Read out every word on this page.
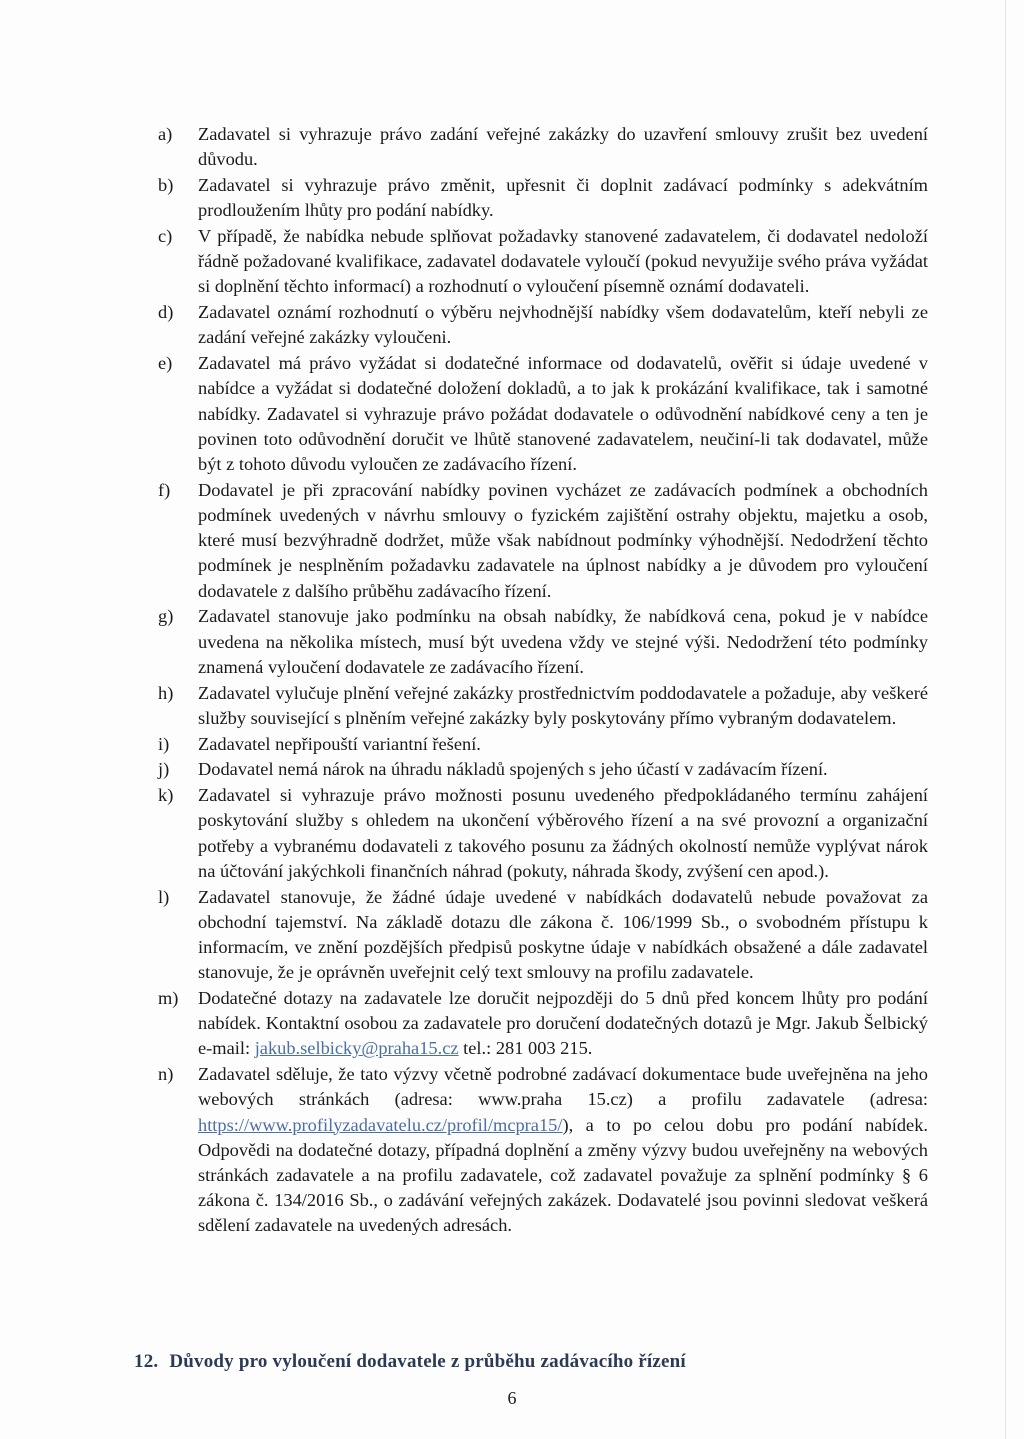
a) Zadavatel si vyhrazuje právo zadání veřejné zakázky do uzavření smlouvy zrušit bez uvedení důvodu.
b) Zadavatel si vyhrazuje právo změnit, upřesnit či doplnit zadávací podmínky s adekvátním prodloužením lhůty pro podání nabídky.
c) V případě, že nabídka nebude splňovat požadavky stanovené zadavatelem, či dodavatel nedoloží řádně požadované kvalifikace, zadavatel dodavatele vyloučí (pokud nevyužije svého práva vyžádat si doplnění těchto informací) a rozhodnutí o vyloučení písemně oznámí dodavateli.
d) Zadavatel oznámí rozhodnutí o výběru nejvhodnější nabídky všem dodavatelům, kteří nebyli ze zadání veřejné zakázky vyloučeni.
e) Zadavatel má právo vyžádat si dodatečné informace od dodavatelů, ověřit si údaje uvedené v nabídce a vyžádat si dodatečné doložení dokladů, a to jak k prokázání kvalifikace, tak i samotné nabídky. Zadavatel si vyhrazuje právo požádat dodavatele o odůvodnění nabídkové ceny a ten je povinen toto odůvodnění doručit ve lhůtě stanovené zadavatelem, neučiní-li tak dodavatel, může být z tohoto důvodu vyloučen ze zadávacího řízení.
f) Dodavatel je při zpracování nabídky povinen vycházet ze zadávacích podmínek a obchodních podmínek uvedených v návrhu smlouvy o fyzickém zajištění ostrahy objektu, majetku a osob, které musí bezvýhradně dodržet, může však nabídnout podmínky výhodnější. Nedodržení těchto podmínek je nesplněním požadavku zadavatele na úplnost nabídky a je důvodem pro vyloučení dodavatele z dalšího průběhu zadávacího řízení.
g) Zadavatel stanovuje jako podmínku na obsah nabídky, že nabídková cena, pokud je v nabídce uvedena na několika místech, musí být uvedena vždy ve stejné výši. Nedodržení této podmínky znamená vyloučení dodavatele ze zadávacího řízení.
h) Zadavatel vylučuje plnění veřejné zakázky prostřednictvím poddodavatele a požaduje, aby veškeré služby související s plněním veřejné zakázky byly poskytovány přímo vybraným dodavatelem.
i) Zadavatel nepřipouští variantní řešení.
j) Dodavatel nemá nárok na úhradu nákladů spojených s jeho účastí v zadávacím řízení.
k) Zadavatel si vyhrazuje právo možnosti posunu uvedeného předpokládaného termínu zahájení poskytování služby s ohledem na ukončení výběrového řízení a na své provozní a organizační potřeby a vybranému dodavateli z takového posunu za žádných okolností nemůže vyplývat nárok na účtování jakýchkoli finančních náhrad (pokuty, náhrada škody, zvýšení cen apod.).
l) Zadavatel stanovuje, že žádné údaje uvedené v nabídkách dodavatelů nebude považovat za obchodní tajemství. Na základě dotazu dle zákona č. 106/1999 Sb., o svobodném přístupu k informacím, ve znění pozdějších předpisů poskytne údaje v nabídkách obsažené a dále zadavatel stanovuje, že je oprávněn uveřejnit celý text smlouvy na profilu zadavatele.
m) Dodatečné dotazy na zadavatele lze doručit nejpozději do 5 dnů před koncem lhůty pro podání nabídek. Kontaktní osobou za zadavatele pro doručení dodatečných dotazů je Mgr. Jakub Šelbický e-mail: jakub.selbicky@praha15.cz tel.: 281 003 215.
n) Zadavatel sděluje, že tato výzvy včetně podrobné zadávací dokumentace bude uveřejněna na jeho webových stránkách (adresa: www.praha 15.cz) a profilu zadavatele (adresa: https://www.profilyzadavatelu.cz/profil/mcpra15/), a to po celou dobu pro podání nabídek. Odpovědi na dodatečné dotazy, případná doplnění a změny výzvy budou uveřejněny na webových stránkách zadavatele a na profilu zadavatele, což zadavatel považuje za splnění podmínky § 6 zákona č. 134/2016 Sb., o zadávání veřejných zakázek. Dodavatelé jsou povinni sledovat veškerá sdělení zadavatele na uvedených adresách.
12. Důvody pro vyloučení dodavatele z průběhu zadávacího řízení
6
